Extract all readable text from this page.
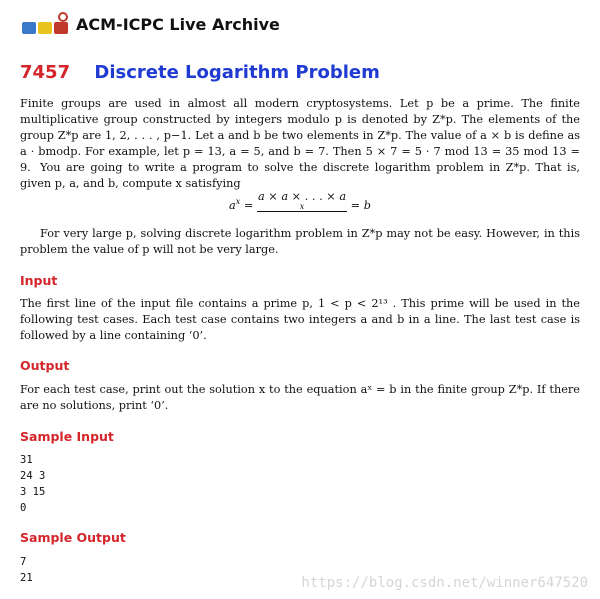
ACM-ICPC Live Archive
7457 Discrete Logarithm Problem
Finite groups are used in almost all modern cryptosystems. Let p be a prime. The finite multiplicative group constructed by integers modulo p is denoted by Z*p. The elements of the group Z*p are 1, 2, . . . , p−1. Let a and b be two elements in Z*p. The value of a × b is define as a · bmodp. For example, let p = 13, a = 5, and b = 7. Then 5 × 7 = 5 · 7 mod 13 = 35 mod 13 = 9. You are going to write a program to solve the discrete logarithm problem in Z*p. That is, given p, a, and b, compute x satisfying
$a^x = a \times a$ × . . . × a
x	= b
For very large p, solving discrete logarithm problem in Z*p may not be easy. However, in this problem the value of p will not be very large.
Input
The first line of the input file contains a prime p, 1 < p < 2¹³ . This prime will be used in the following test cases. Each test case contains two integers a and b in a line. The last test case is followed by a line containing ‘0’.
Output
For each test case, print out the solution x to the equation aˣ = b in the finite group Z*p. If there are no solutions, print ‘0’.
Sample Input
31
24 3
3 15
0
Sample Output
7
21	https://blog.csdn.net/winner647520
